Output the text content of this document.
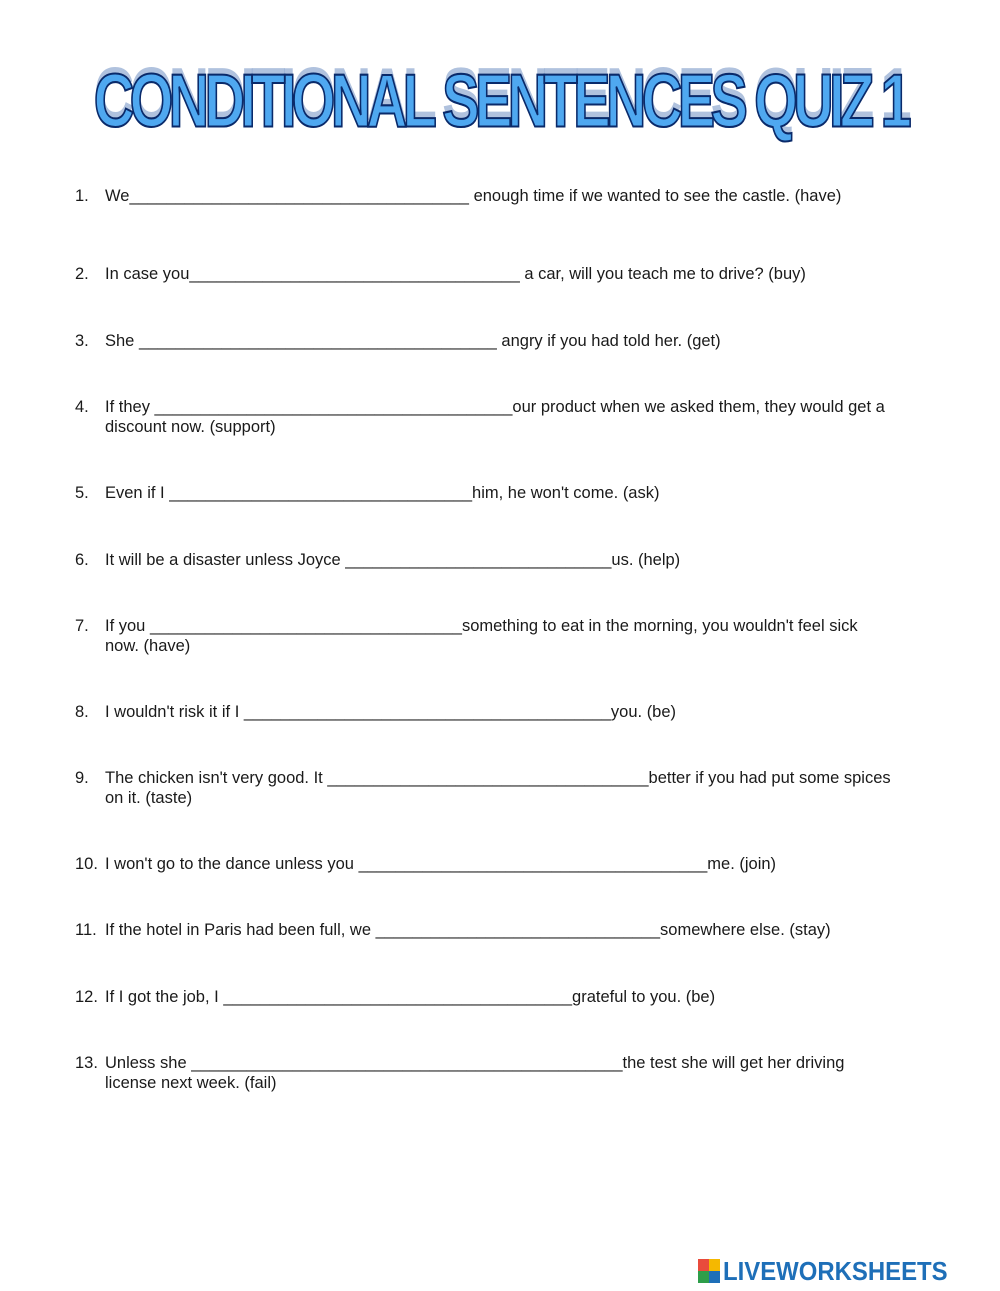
CONDITIONAL SENTENCES QUIZ 1
1. We_____________________________________ enough time if we wanted to see the castle. (have)
2. In case you____________________________________ a car, will you teach me to drive? (buy)
3. She _______________________________________ angry if you had told her. (get)
4. If they _______________________________________our product when we asked them, they would get a
discount now. (support)
5. Even if I _________________________________him, he won't come. (ask)
6. It will be a disaster unless Joyce _____________________________us. (help)
7. If you __________________________________something to eat in the morning, you wouldn't feel sick
now. (have)
8. I wouldn't risk it if I ________________________________________you. (be)
9. The chicken isn't very good. It ___________________________________better if you had put some spices
on it. (taste)
10. I won't go to the dance unless you ______________________________________me. (join)
11. If the hotel in Paris had been full, we _______________________________somewhere else. (stay)
12. If I got the job, I ______________________________________grateful to you. (be)
13. Unless she _______________________________________________the test she will get her driving
license next week. (fail)
LIVEWORKSHEETS
